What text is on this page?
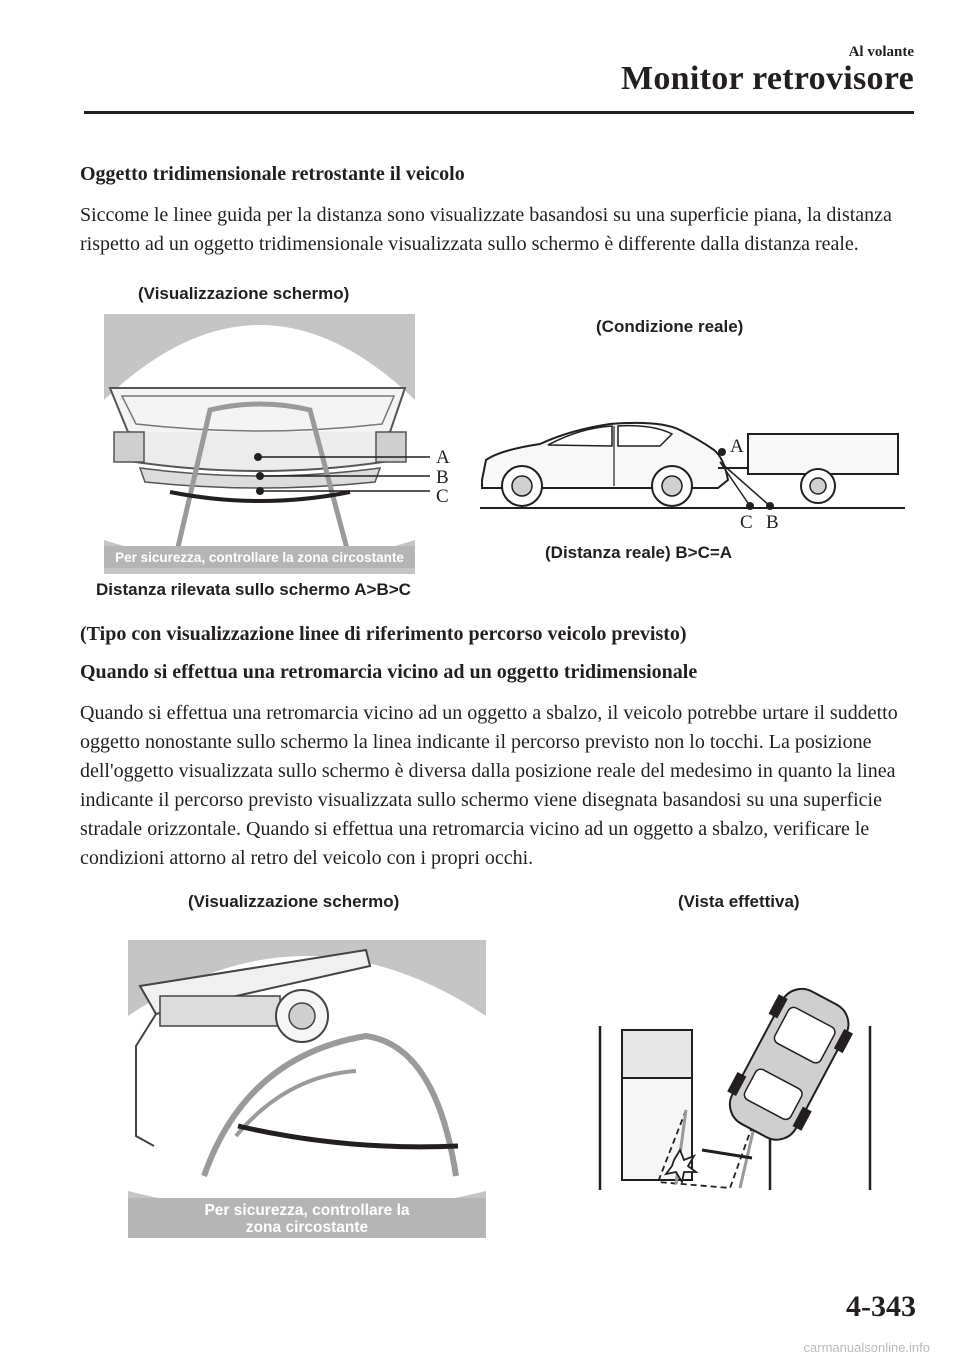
Al volante
Monitor retrovisore
Oggetto tridimensionale retrostante il veicolo
Siccome le linee guida per la distanza sono visualizzate basandosi su una superficie piana, la distanza rispetto ad un oggetto tridimensionale visualizzata sullo schermo è differente dalla distanza reale.
(Visualizzazione schermo)
(Condizione reale)
Per sicurezza, controllare la zona circostante
A
B
C
A
C B
(Distanza reale) B>C=A
Distanza rilevata sullo schermo A>B>C
(Tipo con visualizzazione linee di riferimento percorso veicolo previsto)
Quando si effettua una retromarcia vicino ad un oggetto tridimensionale
Quando si effettua una retromarcia vicino ad un oggetto a sbalzo, il veicolo potrebbe urtare il suddetto oggetto nonostante sullo schermo la linea indicante il percorso previsto non lo tocchi. La posizione dell'oggetto visualizzata sullo schermo è diversa dalla posizione reale del medesimo in quanto la linea indicante il percorso previsto visualizzata sullo schermo viene disegnata basandosi su una superficie stradale orizzontale. Quando si effettua una retromarcia vicino ad un oggetto a sbalzo, verificare le condizioni attorno al retro del veicolo con i propri occhi.
(Visualizzazione schermo)	(Vista effettiva)
Per sicurezza, controllare la
zona circostante
4-343
carmanualsonline.info
